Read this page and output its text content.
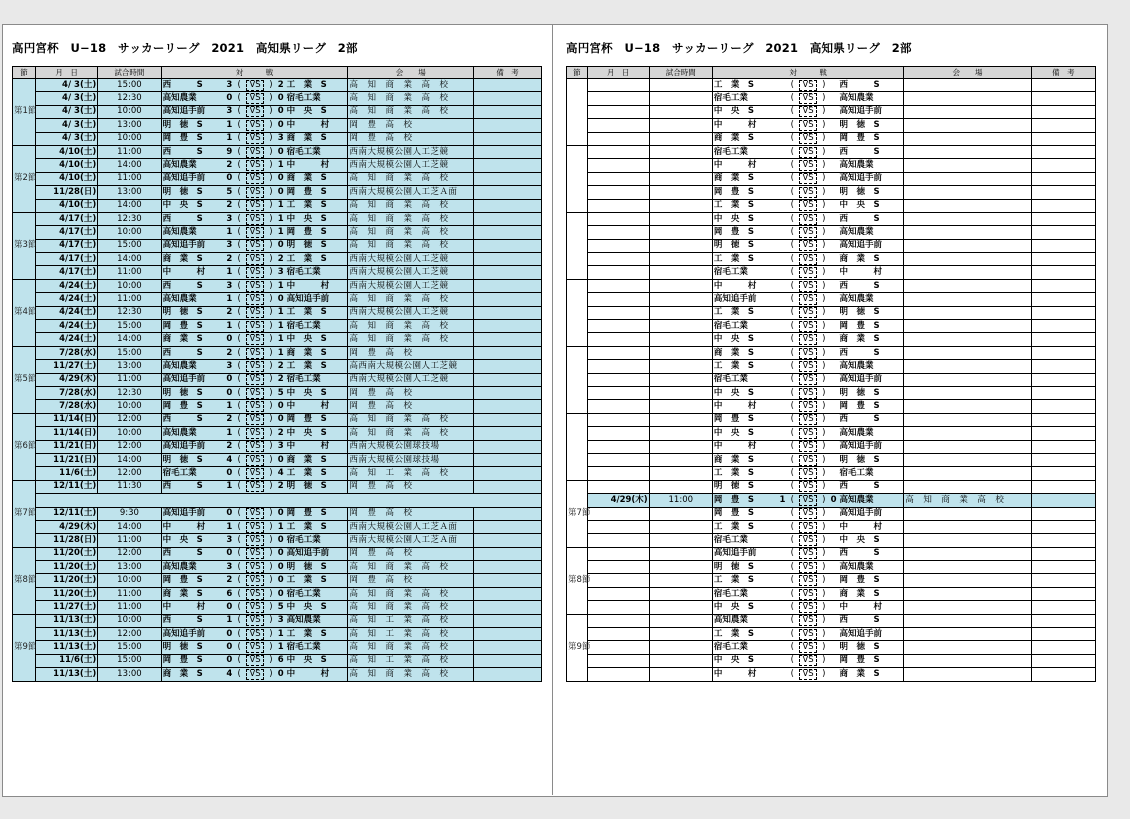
高円宮杯　U−18　サッカーリーグ　2021　高知県リーグ　2部	高円宮杯　U−18　サッカーリーグ　2021　高知県リーグ　2部
節	月　日	試合時間	対　　　戦							会　　場	備　考
第1節	4/ 3(土)	15:00	西　　　S	3	(	VS	)	2	工　業　S	高　知　商　業　高　校	
	4/ 3(土)	12:30	高知農業	0	(	VS	)	0	宿毛工業	高　知　商　業　高　校	
	4/ 3(土)	10:00	高知追手前	3	(	VS	)	0	中　央　S	高　知　商　業　高　校	
	4/ 3(土)	13:00	明　徳　S	1	(	VS	)	0	中　　　村	岡　豊　高　校	
	4/ 3(土)	10:00	岡　豊　S	1	(	VS	)	3	商　業　S	岡　豊　高　校	
第2節	4/10(土)	11:00	西　　　S	9	(	VS	)	0	宿毛工業	西南大規模公園人工芝競	
	4/10(土)	14:00	高知農業	2	(	VS	)	1	中　　　村	西南大規模公園人工芝競	
	4/10(土)	11:00	高知追手前	0	(	VS	)	0	商　業　S	高　知　商　業　高　校	
	11/28(日)	13:00	明　徳　S	5	(	VS	)	0	岡　豊　S	西南大規模公園人工芝Ａ面	
	4/10(土)	14:00	中　央　S	2	(	VS	)	1	工　業　S	高　知　商　業　高　校	
第3節	4/17(土)	12:30	西　　　S	3	(	VS	)	1	中　央　S	高　知　商　業　高　校	
	4/17(土)	10:00	高知農業	1	(	VS	)	1	岡　豊　S	高　知　商　業　高　校	
	4/17(土)	15:00	高知追手前	3	(	VS	)	0	明　徳　S	高　知　商　業　高　校	
	4/17(土)	14:00	商　業　S	2	(	VS	)	2	工　業　S	西南大規模公園人工芝競	
	4/17(土)	11:00	中　　　村	1	(	VS	)	3	宿毛工業	西南大規模公園人工芝競	
第4節	4/24(土)	10:00	西　　　S	3	(	VS	)	1	中　　　村	西南大規模公園人工芝競	
	4/24(土)	11:00	高知農業	1	(	VS	)	0	高知追手前	高　知　商　業　高　校	
	4/24(土)	12:30	明　徳　S	2	(	VS	)	1	工　業　S	西南大規模公園人工芝競	
	4/24(土)	15:00	岡　豊　S	1	(	VS	)	1	宿毛工業	高　知　商　業　高　校	
	4/24(土)	14:00	商　業　S	0	(	VS	)	1	中　央　S	高　知　商　業　高　校	
第5節	7/28(水)	15:00	西　　　S	2	(	VS	)	1	商　業　S	岡　豊　高　校	
	11/27(土)	13:00	高知農業	3	(	VS	)	2	工　業　S	高西南大規模公園人工芝競	
	4/29(木)	11:00	高知追手前	0	(	VS	)	2	宿毛工業	西南大規模公園人工芝競	
	7/28(水)	12:30	明　徳　S	0	(	VS	)	5	中　央　S	岡　豊　高　校	
	7/28(水)	10:00	岡　豊　S	1	(	VS	)	0	中　　　村	岡　豊　高　校	
第6節	11/14(日)	12:00	西　　　S	2	(	VS	)	0	岡　豊　S	高　知　商　業　高　校	
	11/14(日)	10:00	高知農業	1	(	VS	)	2	中　央　S	高　知　商　業　高　校	
	11/21(日)	12:00	高知追手前	2	(	VS	)	3	中　　　村	西南大規模公園球技場	
	11/21(日)	14:00	明　徳　S	4	(	VS	)	0	商　業　S	西南大規模公園球技場	
	11/6(土)	12:00	宿毛工業	0	(	VS	)	4	工　業　S	高　知　工　業　高　校	
第7節	12/11(土)	11:30	西　　　S	1	(	VS	)	2	明　徳　S	岡　豊　高　校	

	12/11(土)	9:30	高知追手前	0	(	VS	)	0	岡　豊　S	岡　豊　高　校	
	4/29(木)	14:00	中　　　村	1	(	VS	)	1	工　業　S	西南大規模公園人工芝Ａ面	
	11/28(日)	11:00	中　央　S	3	(	VS	)	0	宿毛工業	西南大規模公園人工芝Ａ面	
第8節	11/20(土)	12:00	西　　　S	0	(	VS	)	0	高知追手前	岡　豊　高　校	
	11/20(土)	13:00	高知農業	3	(	VS	)	0	明　徳　S	高　知　商　業　高　校	
	11/20(土)	10:00	岡　豊　S	2	(	VS	)	0	工　業　S	岡　豊　高　校	
	11/20(土)	11:00	商　業　S	6	(	VS	)	0	宿毛工業	高　知　商　業　高　校	
	11/27(土)	11:00	中　　　村	0	(	VS	)	5	中　央　S	高　知　商　業　高　校	
第9節	11/13(土)	10:00	西　　　S	1	(	VS	)	3	高知農業	高　知　工　業　高　校	
	11/13(土)	12:00	高知追手前	0	(	VS	)	1	工　業　S	高　知　工　業　高　校	
	11/13(土)	15:00	明　徳　S	0	(	VS	)	1	宿毛工業	高　知　商　業　高　校	
	11/6(土)	15:00	岡　豊　S	0	(	VS	)	6	中　央　S	高　知　工　業　高　校	
	11/13(土)	13:00	商　業　S	4	(	VS	)	0	中　　　村	高　知　商　業　高　校	
節	月　日	試合時間	対　　　戦							会　　場	備　考
			工　業　S		(	VS	)		西　　　S		
			宿毛工業		(	VS	)		高知農業		
			中　央　S		(	VS	)		高知追手前		
			中　　　村		(	VS	)		明　徳　S		
			商　業　S		(	VS	)		岡　豊　S		
			宿毛工業		(	VS	)		西　　　S		
			中　　　村		(	VS	)		高知農業		
			商　業　S		(	VS	)		高知追手前		
			岡　豊　S		(	VS	)		明　徳　S		
			工　業　S		(	VS	)		中　央　S		
			中　央　S		(	VS	)		西　　　S		
			岡　豊　S		(	VS	)		高知農業		
			明　徳　S		(	VS	)		高知追手前		
			工　業　S		(	VS	)		商　業　S		
			宿毛工業		(	VS	)		中　　　村		
			中　　　村		(	VS	)		西　　　S		
			高知追手前		(	VS	)		高知農業		
			工　業　S		(	VS	)		明　徳　S		
			宿毛工業		(	VS	)		岡　豊　S		
			中　央　S		(	VS	)		商　業　S		
			商　業　S		(	VS	)		西　　　S		
			工　業　S		(	VS	)		高知農業		
			宿毛工業		(	VS	)		高知追手前		
			中　央　S		(	VS	)		明　徳　S		
			中　　　村		(	VS	)		岡　豊　S		
			岡　豊　S		(	VS	)		西　　　S		
			中　央　S		(	VS	)		高知農業		
			中　　　村		(	VS	)		高知追手前		
			商　業　S		(	VS	)		明　徳　S		
			工　業　S		(	VS	)		宿毛工業		
第7節			明　徳　S		(	VS	)		西　　　S		
	4/29(木)	11:00	岡　豊　S	1	(	VS	)	0	高知農業	高　知　商　業　高　校	
			岡　豊　S		(	VS	)		高知追手前		
			工　業　S		(	VS	)		中　　　村		
			宿毛工業		(	VS	)		中　央　S		
第8節			高知追手前		(	VS	)		西　　　S		
			明　徳　S		(	VS	)		高知農業		
			工　業　S		(	VS	)		岡　豊　S		
			宿毛工業		(	VS	)		商　業　S		
			中　央　S		(	VS	)		中　　　村		
第9節			高知農業		(	VS	)		西　　　S		
			工　業　S		(	VS	)		高知追手前		
			宿毛工業		(	VS	)		明　徳　S		
			中　央　S		(	VS	)		岡　豊　S		
			中　　　村		(	VS	)		商　業　S		
